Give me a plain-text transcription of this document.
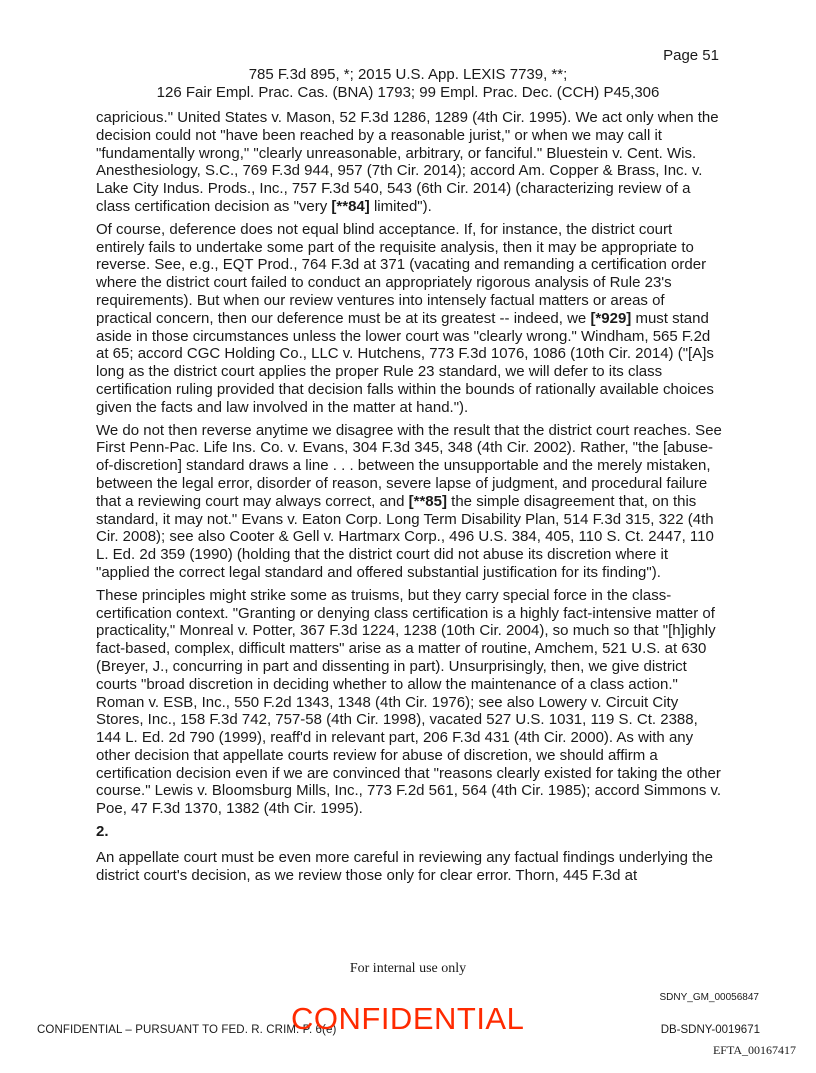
Page 51
785 F.3d 895, *; 2015 U.S. App. LEXIS 7739, **;
126 Fair Empl. Prac. Cas. (BNA) 1793; 99 Empl. Prac. Dec. (CCH) P45,306

capricious." United States v. Mason, 52 F.3d 1286, 1289 (4th Cir. 1995). We act only when the decision could not "have been reached by a reasonable jurist," or when we may call it "fundamentally wrong," "clearly unreasonable, arbitrary, or fanciful." Bluestein v. Cent. Wis. Anesthesiology, S.C., 769 F.3d 944, 957 (7th Cir. 2014); accord Am. Copper & Brass, Inc. v. Lake City Indus. Prods., Inc., 757 F.3d 540, 543 (6th Cir. 2014) (characterizing review of a class certification decision as "very [**84] limited").

Of course, deference does not equal blind acceptance. If, for instance, the district court entirely fails to undertake some part of the requisite analysis, then it may be appropriate to reverse. See, e.g., EQT Prod., 764 F.3d at 371 (vacating and remanding a certification order where the district court failed to conduct an appropriately rigorous analysis of Rule 23's requirements). But when our review ventures into intensely factual matters or areas of practical concern, then our deference must be at its greatest -- indeed, we [*929] must stand aside in those circumstances unless the lower court was "clearly wrong." Windham, 565 F.2d at 65; accord CGC Holding Co., LLC v. Hutchens, 773 F.3d 1076, 1086 (10th Cir. 2014) ("[A]s long as the district court applies the proper Rule 23 standard, we will defer to its class certification ruling provided that decision falls within the bounds of rationally available choices given the facts and law involved in the matter at hand.").

We do not then reverse anytime we disagree with the result that the district court reaches. See First Penn-Pac. Life Ins. Co. v. Evans, 304 F.3d 345, 348 (4th Cir. 2002). Rather, "the [abuse-of-discretion] standard draws a line . . . between the unsupportable and the merely mistaken, between the legal error, disorder of reason, severe lapse of judgment, and procedural failure that a reviewing court may always correct, and [**85] the simple disagreement that, on this standard, it may not." Evans v. Eaton Corp. Long Term Disability Plan, 514 F.3d 315, 322 (4th Cir. 2008); see also Cooter & Gell v. Hartmarx Corp., 496 U.S. 384, 405, 110 S. Ct. 2447, 110 L. Ed. 2d 359 (1990) (holding that the district court did not abuse its discretion where it "applied the correct legal standard and offered substantial justification for its finding").

These principles might strike some as truisms, but they carry special force in the class-certification context. "Granting or denying class certification is a highly fact-intensive matter of practicality," Monreal v. Potter, 367 F.3d 1224, 1238 (10th Cir. 2004), so much so that "[h]ighly fact-based, complex, difficult matters" arise as a matter of routine, Amchem, 521 U.S. at 630 (Breyer, J., concurring in part and dissenting in part). Unsurprisingly, then, we give district courts "broad discretion in deciding whether to allow the maintenance of a class action." Roman v. ESB, Inc., 550 F.2d 1343, 1348 (4th Cir. 1976); see also Lowery v. Circuit City Stores, Inc., 158 F.3d 742, 757-58 (4th Cir. 1998), vacated 527 U.S. 1031, 119 S. Ct. 2388, 144 L. Ed. 2d 790 (1999), reaff'd in relevant part, 206 F.3d 431 (4th Cir. 2000). As with any other decision that appellate courts review for abuse of discretion, we should affirm a certification decision even if we are convinced that "reasons clearly existed for taking the other course." Lewis v. Bloomsburg Mills, Inc., 773 F.2d 561, 564 (4th Cir. 1985); accord Simmons v. Poe, 47 F.3d 1370, 1382 (4th Cir. 1995).

2.

An appellate court must be even more careful in reviewing any factual findings underlying the district court's decision, as we review those only for clear error. Thorn, 445 F.3d at

For internal use only
SDNY_GM_00056847
CONFIDENTIAL – PURSUANT TO FED. R. CRIM. P. 6(e)
CONFIDENTIAL	DB-SDNY-0019671
EFTA_00167417
